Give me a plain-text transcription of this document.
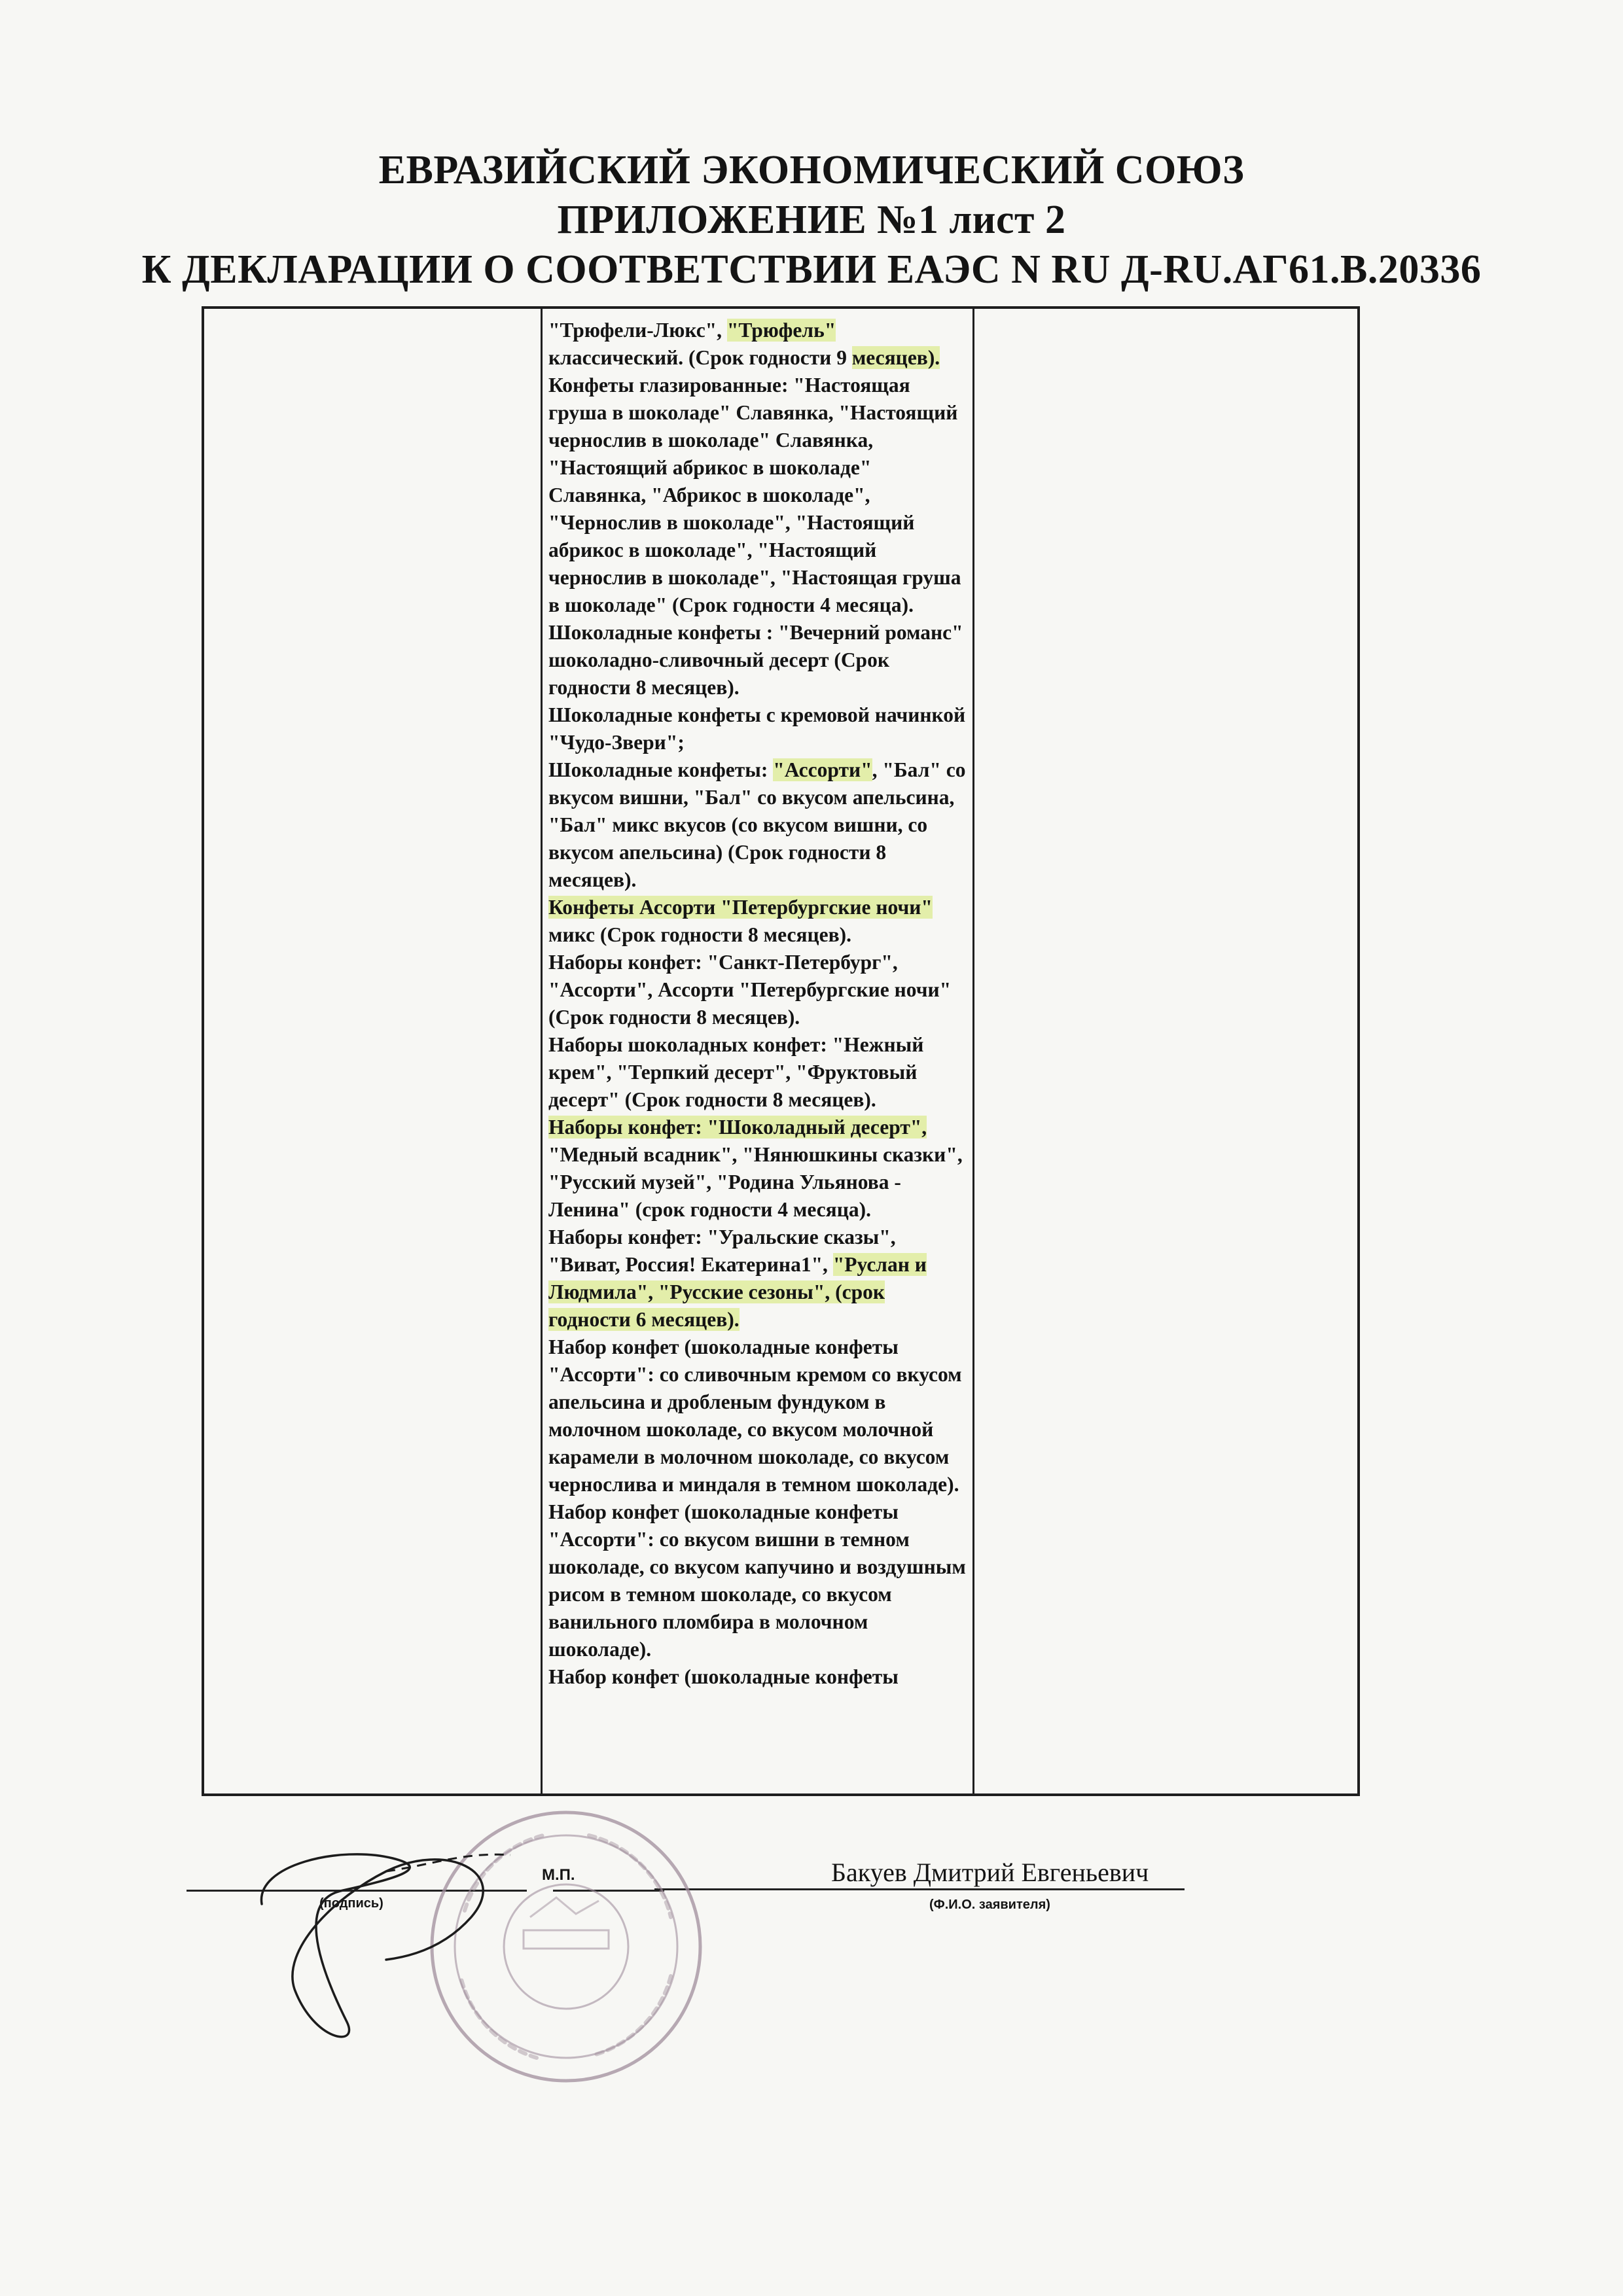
ЕВРАЗИЙСКИЙ ЭКОНОМИЧЕСКИЙ СОЮЗ
ПРИЛОЖЕНИЕ №1 лист 2
К ДЕКЛАРАЦИИ О СООТВЕТСТВИИ ЕАЭС N RU Д-RU.АГ61.В.20336
"Трюфели-Люкс", "Трюфель" классический. (Срок годности 9 месяцев).
Конфеты глазированные: "Настоящая груша в шоколаде" Славянка, "Настоящий чернослив в шоколаде" Славянка, "Настоящий абрикос в шоколаде" Славянка, "Абрикос в шоколаде", "Чернослив в шоколаде", "Настоящий абрикос в шоколаде", "Настоящий чернослив в шоколаде", "Настоящая груша в шоколаде" (Срок годности 4 месяца).
Шоколадные конфеты : "Вечерний романс" шоколадно-сливочный десерт (Срок годности 8 месяцев).
Шоколадные конфеты с кремовой начинкой "Чудо-Звери";
Шоколадные конфеты: "Ассорти", "Бал" со вкусом вишни, "Бал" со вкусом апельсина, "Бал" микс вкусов (со вкусом вишни, со вкусом апельсина) (Срок годности 8 месяцев).
Конфеты Ассорти "Петербургские ночи" микс (Срок годности 8 месяцев).
Наборы конфет: "Санкт-Петербург", "Ассорти", Ассорти "Петербургские ночи"(Срок годности 8 месяцев).
Наборы шоколадных конфет: "Нежный крем", "Терпкий десерт", "Фруктовый десерт" (Срок годности 8 месяцев).
Наборы конфет: "Шоколадный десерт", "Медный всадник", "Нянюшкины сказки", "Русский музей", "Родина Ульянова - Ленина" (срок годности 4 месяца).
Наборы конфет: "Уральские сказы", "Виват, Россия! Екатерина1", "Руслан и Людмила", "Русские сезоны", (срок годности 6 месяцев).
Набор конфет (шоколадные конфеты "Ассорти": со сливочным кремом со вкусом апельсина и дробленым фундуком в молочном шоколаде, со вкусом молочной карамели в молочном шоколаде, со вкусом чернослива и миндаля в темном шоколаде).
Набор конфет (шоколадные конфеты "Ассорти": со вкусом вишни в темном шоколаде, со вкусом капучино и воздушным рисом в темном шоколаде, со вкусом ванильного пломбира в молочном шоколаде).
Набор конфет (шоколадные конфеты
(подпись)
М.П.	Бакуев Дмитрий Евгеньевич
(Ф.И.О. заявителя)
